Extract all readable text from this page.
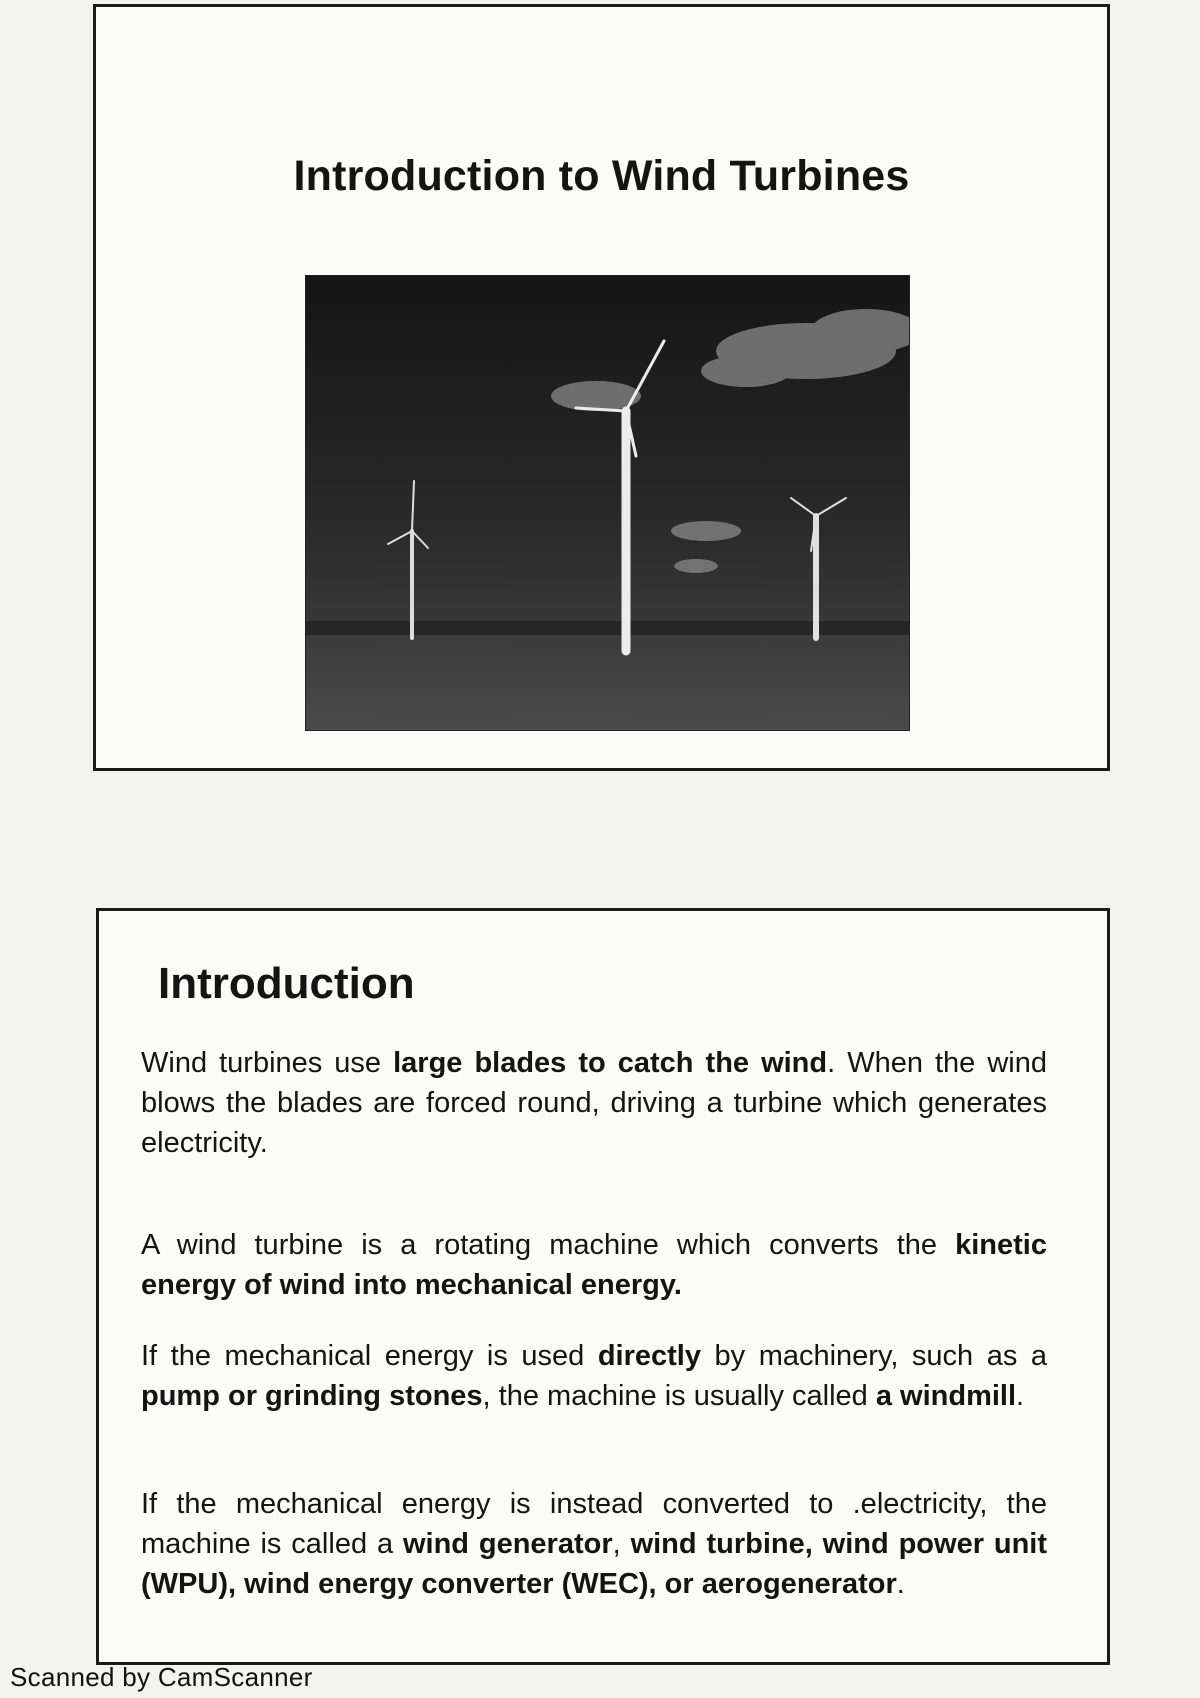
Introduction to Wind Turbines
Introduction

Wind turbines use large blades to catch the wind. When the wind blows the blades are forced round, driving a turbine which generates electricity.

A wind turbine is a rotating machine which converts the kinetic energy of wind into mechanical energy.

If the mechanical energy is used directly by machinery, such as a pump or grinding stones, the machine is usually called a windmill.

If the mechanical energy is instead converted to .electricity, the machine is called a wind generator, wind turbine, wind power unit (WPU), wind energy converter (WEC), or aerogenerator.

Scanned by CamScanner
